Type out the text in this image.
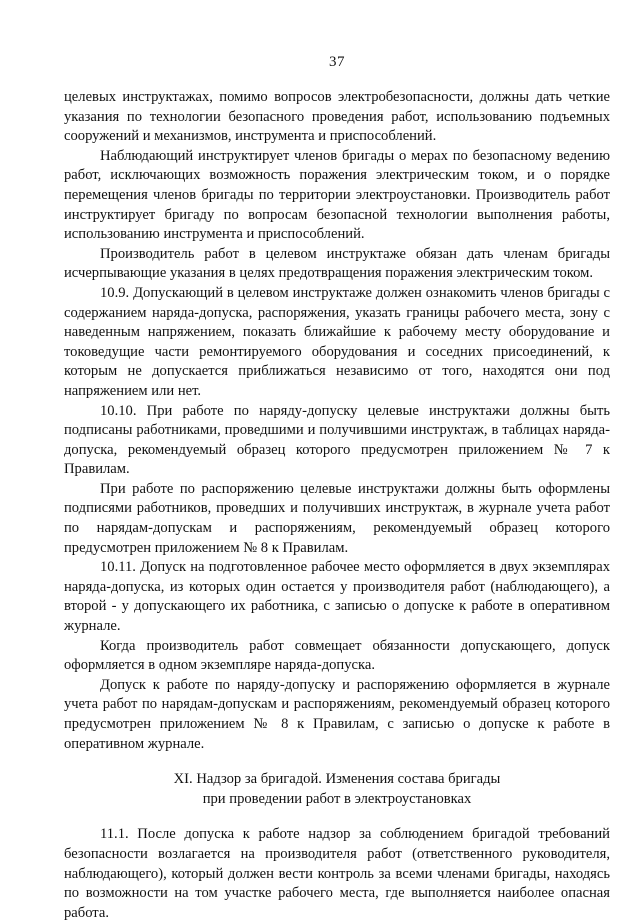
37

целевых инструктажах, помимо вопросов электробезопасности, должны дать четкие указания по технологии безопасного проведения работ, использованию подъемных сооружений и механизмов, инструмента и приспособлений.

Наблюдающий инструктирует членов бригады о мерах по безопасному ведению работ, исключающих возможность поражения электрическим током, и о порядке перемещения членов бригады по территории электроустановки. Производитель работ инструктирует бригаду по вопросам безопасной технологии выполнения работы, использованию инструмента и приспособлений.

Производитель работ в целевом инструктаже обязан дать членам бригады исчерпывающие указания в целях предотвращения поражения электрическим током.

10.9. Допускающий в целевом инструктаже должен ознакомить членов бригады с содержанием наряда-допуска, распоряжения, указать границы рабочего места, зону с наведенным напряжением, показать ближайшие к рабочему месту оборудование и токоведущие части ремонтируемого оборудования и соседних присоединений, к которым не допускается приближаться независимо от того, находятся они под напряжением или нет.

10.10. При работе по наряду-допуску целевые инструктажи должны быть подписаны работниками, проведшими и получившими инструктаж, в таблицах наряда-допуска, рекомендуемый образец которого предусмотрен приложением № 7 к Правилам.

При работе по распоряжению целевые инструктажи должны быть оформлены подписями работников, проведших и получивших инструктаж, в журнале учета работ по нарядам-допускам и распоряжениям, рекомендуемый образец которого предусмотрен приложением № 8 к Правилам.

10.11. Допуск на подготовленное рабочее место оформляется в двух экземплярах наряда-допуска, из которых один остается у производителя работ (наблюдающего), а второй - у допускающего их работника, с записью о допуске к работе в оперативном журнале.

Когда производитель работ совмещает обязанности допускающего, допуск оформляется в одном экземпляре наряда-допуска.

Допуск к работе по наряду-допуску и распоряжению оформляется в журнале учета работ по нарядам-допускам и распоряжениям, рекомендуемый образец которого предусмотрен приложением № 8 к Правилам, с записью о допуске к работе в оперативном журнале.

XI. Надзор за бригадой. Изменения состава бригады
при проведении работ в электроустановках

11.1. После допуска к работе надзор за соблюдением бригадой требований безопасности возлагается на производителя работ (ответственного руководителя, наблюдающего), который должен вести контроль за всеми членами бригады, находясь по возможности на том участке рабочего места, где выполняется наиболее опасная работа.
